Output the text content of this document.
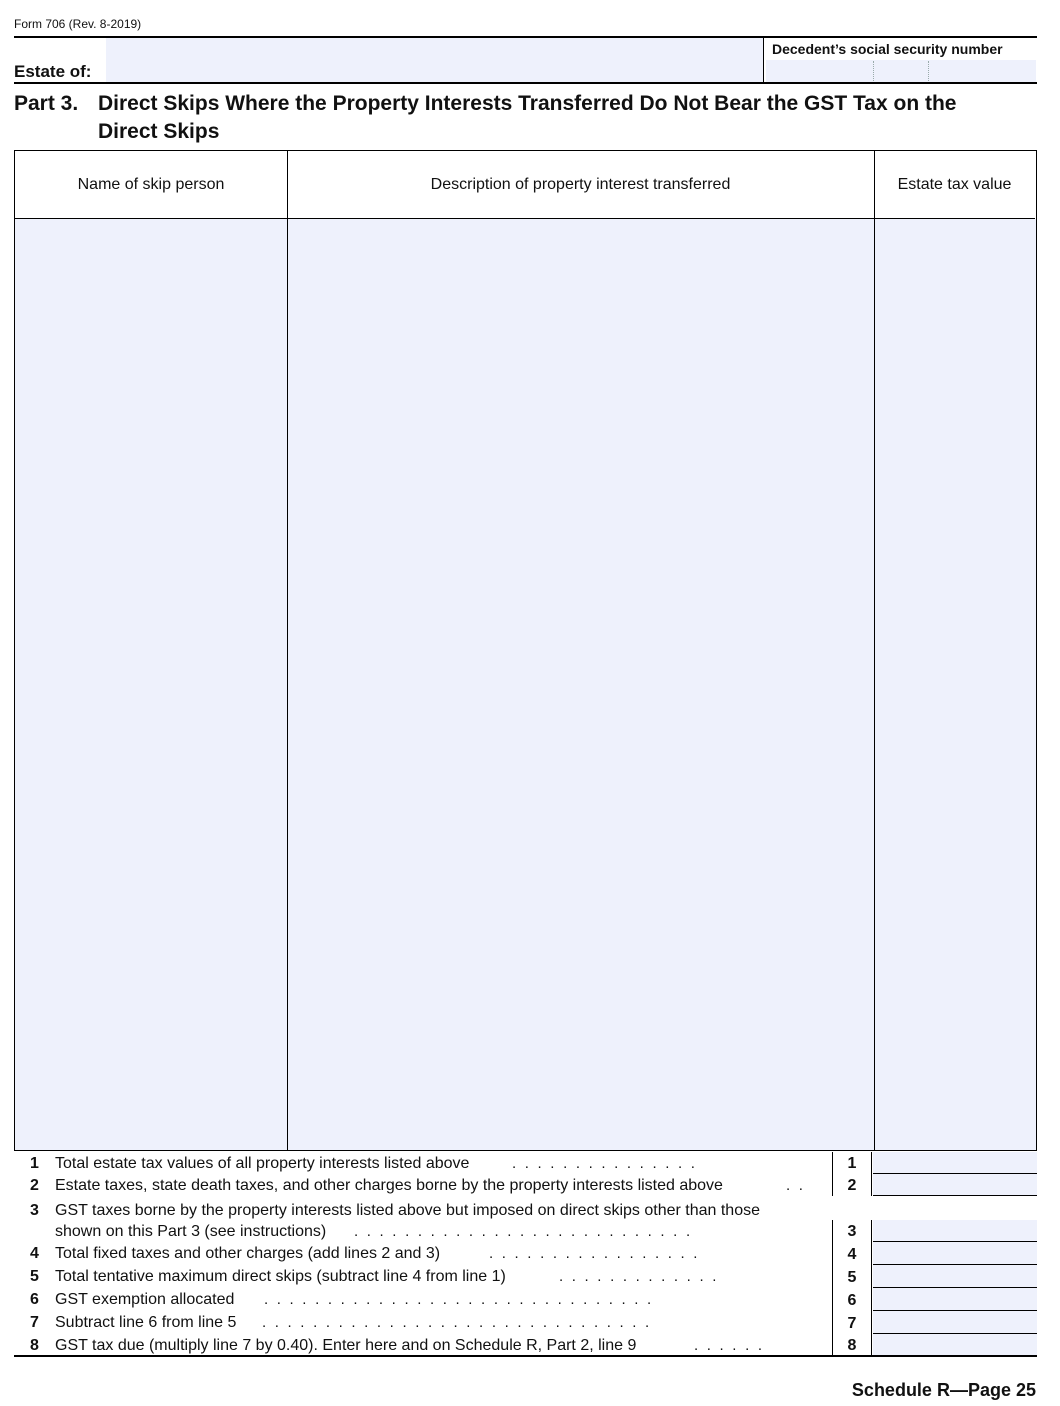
Form 706 (Rev. 8-2019)
Estate of:
Decedent’s social security number
Part 3. Direct Skips Where the Property Interests Transferred Do Not Bear the GST Tax on the
Direct Skips
Name of skip person	Description of property interest transferred	Estate tax value
1 Total estate tax values of all property interests listed above	...............	1
2 Estate taxes, state death taxes, and other charges borne by the property interests listed above	..	2
3 GST taxes borne by the property interests listed above but imposed on direct skips other than those
shown on this Part 3 (see instructions) ...........................	3
4 Total fixed taxes and other charges (add lines 2 and 3)	.................	4
5 Total tentative maximum direct skips (subtract line 4 from line 1)	.............	5
6 GST exemption allocated ...............................	6
7 Subtract line 6 from line 5 ...............................	7
8 GST tax due (multiply line 7 by 0.40). Enter here and on Schedule R, Part 2, line 9	......	8
Schedule R—Page 25
